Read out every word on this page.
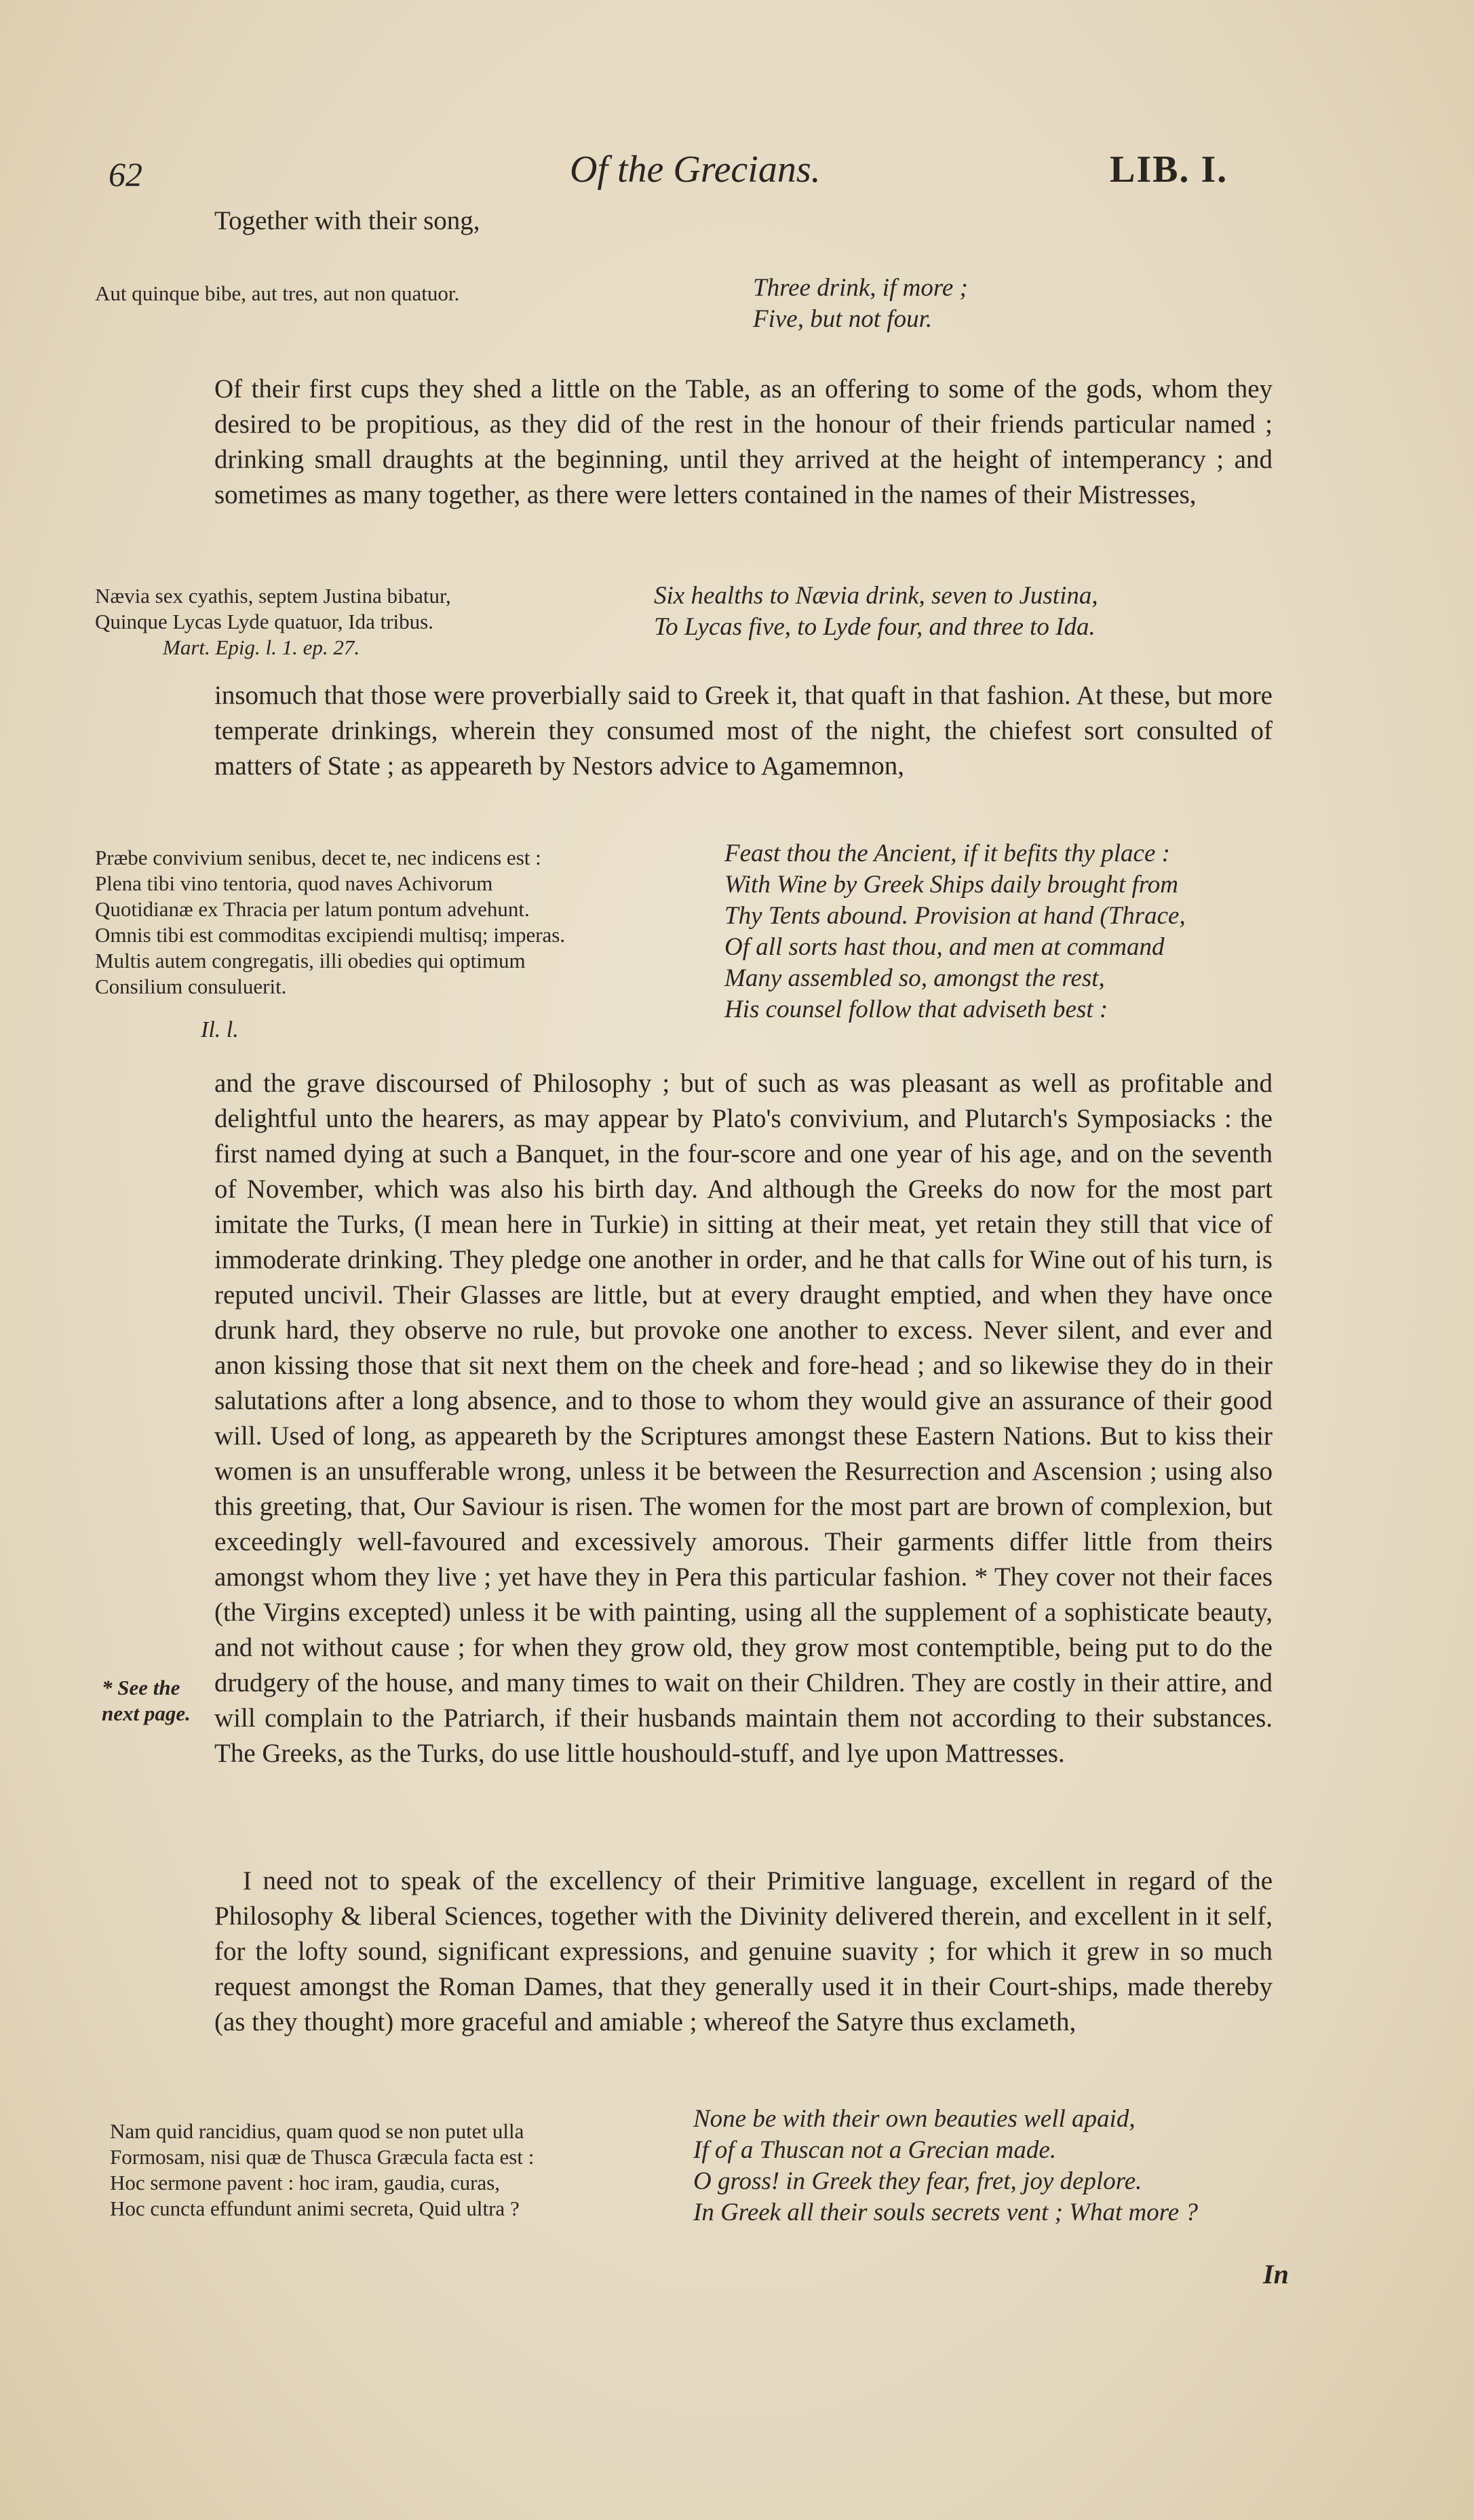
62	Of the Grecians.	LIB. I.

Together with their song,

Aut quinque bibe, aut tres, aut non quatuor.	Three drink, if more ;
Five, but not four.

Of their first cups they shed a little on the Table, as an offering to some of the gods, whom they desired to be propitious, as they did of the rest in the honour of their friends particular named ; drinking small draughts at the beginning, until they arrived at the height of intemperancy ; and sometimes as many together, as there were letters contained in the names of their Mistresses,

Nævia sex cyathis, septem Justina bibatur,
Quinque Lycas Lyde quatuor, Ida tribus.
Mart. Epig. l. 1. ep. 27.
Six healths to Nævia drink, seven to Justina,
To Lycas five, to Lyde four, and three to Ida.

insomuch that those were proverbially said to Greek it, that quaft in that fashion. At these, but more temperate drinkings, wherein they consumed most of the night, the chiefest sort consulted of matters of State ; as appeareth by Nestors advice to Agamemnon,

Præbe convivium senibus, decet te, nec indicens est :
Plena tibi vino tentoria, quod naves Achivorum
Quotidianæ ex Thracia per latum pontum advehunt.
Omnis tibi est commoditas excipiendi multisq; imperas.
Multis autem congregatis, illi obedies qui optimum
Consilium consuluerit.
Il. l.
Feast thou the Ancient, if it befits thy place :
With Wine by Greek Ships daily brought from
Thy Tents abound. Provision at hand (Thrace,
Of all sorts hast thou, and men at command
Many assembled so, amongst the rest,
His counsel follow that adviseth best :

and the grave discoursed of Philosophy ; but of such as was pleasant as well as profitable and delightful unto the hearers, as may appear by Plato's convivium, and Plutarch's Symposiacks : the first named dying at such a Banquet, in the four-score and one year of his age, and on the seventh of November, which was also his birth day. And although the Greeks do now for the most part imitate the Turks, (I mean here in Turkie) in sitting at their meat, yet retain they still that vice of immoderate drinking. They pledge one another in order, and he that calls for Wine out of his turn, is reputed uncivil. Their Glasses are little, but at every draught emptied, and when they have once drunk hard, they observe no rule, but provoke one another to excess. Never silent, and ever and anon kissing those that sit next them on the cheek and fore-head ; and so likewise they do in their salutations after a long absence, and to those to whom they would give an assurance of their good will. Used of long, as appeareth by the Scriptures amongst these Eastern Nations. But to kiss their women is an unsufferable wrong, unless it be between the Resurrection and Ascension ; using also this greeting, that, Our Saviour is risen. The women for the most part are brown of complexion, but exceedingly well-favoured and excessively amorous. Their garments differ little from theirs amongst whom they live ; yet have they in Pera this particular fashion. * They cover not their faces (the Virgins excepted) unless it be with painting, using all the supplement of a sophisticate beauty, and not without cause ; for when they grow old, they grow most contemptible, being put to do the drudgery of the house, and many times to wait on their Children. They are costly in their attire, and will complain to the Patriarch, if their husbands maintain them not according to their substances. The Greeks, as the Turks, do use little houshould-stuff, and lye upon Mattresses.

* See the
next page.

I need not to speak of the excellency of their Primitive language, excellent in regard of the Philosophy & liberal Sciences, together with the Divinity delivered therein, and excellent in it self, for the lofty sound, significant expressions, and genuine suavity ; for which it grew in so much request amongst the Roman Dames, that they generally used it in their Court-ships, made thereby (as they thought) more graceful and amiable ; whereof the Satyre thus exclameth,

Nam quid rancidius, quam quod se non putet ulla
Formosam, nisi quæ de Thusca Græcula facta est :
Hoc sermone pavent : hoc iram, gaudia, curas,
Hoc cuncta effundunt animi secreta, Quid ultra ?
None be with their own beauties well apaid,
If of a Thuscan not a Grecian made.
O gross! in Greek they fear, fret, joy deplore.
In Greek all their souls secrets vent ; What more ?
In
